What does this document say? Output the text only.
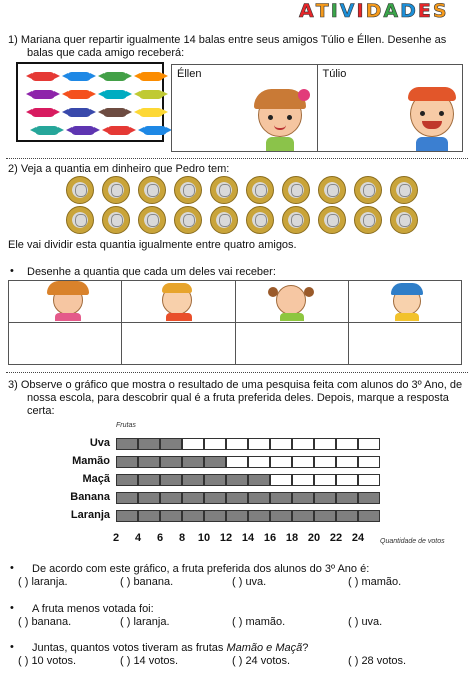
A T I V I D A D E S
1) Mariana quer repartir igualmente 14 balas entre seus amigos Túlio e Éllen. Desenhe as
balas que cada amigo receberá:
Éllen	Túlio
2) Veja a quantia em dinheiro que Pedro tem:
Ele vai dividir esta quantia igualmente entre quatro amigos.
• Desenhe a quantia que cada um deles vai receber:
3) Observe o gráfico que mostra o resultado de uma pesquisa feita com alunos do 3º Ano, de
nossa escola, para descobrir qual é a fruta preferida deles. Depois, marque a resposta
certa:
Frutas
Quantidade de votos
Uva
Mamão
Maçã
Banana
Laranja
2	4	6	8	10 12 14 16 18 20 22 24
• De acordo com este gráfico, a fruta preferida dos alunos do 3º Ano é:
( ) laranja.	( ) banana.	( ) uva.	( ) mamão.
• A fruta menos votada foi:
( ) banana.	( ) laranja.	( ) mamão.	( ) uva.
• Juntas, quantos votos tiveram as frutas Mamão e Maçã?
( ) 10 votos.	( ) 14 votos.	( ) 24 votos.	( ) 28 votos.
